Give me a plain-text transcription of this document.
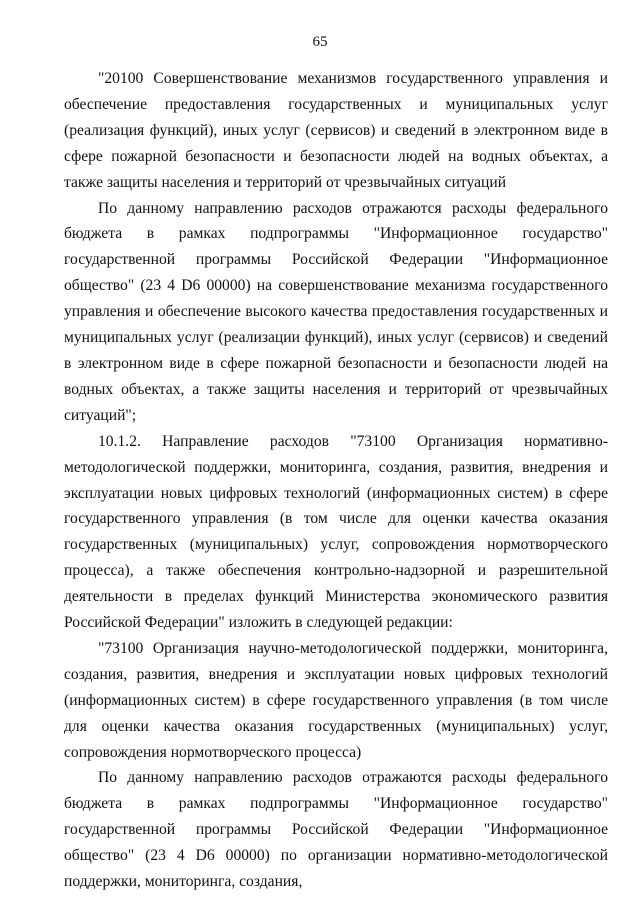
65

"20100 Совершенствование механизмов государственного управления и обеспечение предоставления государственных и муниципальных услуг (реализация функций), иных услуг (сервисов) и сведений в электронном виде в сфере пожарной безопасности и безопасности людей на водных объектах, а также защиты населения и территорий от чрезвычайных ситуаций

По данному направлению расходов отражаются расходы федерального бюджета в рамках подпрограммы "Информационное государство" государственной программы Российской Федерации "Информационное общество" (23 4 D6 00000) на совершенствование механизма государственного управления и обеспечение высокого качества предоставления государственных и муниципальных услуг (реализации функций), иных услуг (сервисов) и сведений в электронном виде в сфере пожарной безопасности и безопасности людей на водных объектах, а также защиты населения и территорий от чрезвычайных ситуаций";

10.1.2. Направление расходов "73100 Организация нормативно-методологической поддержки, мониторинга, создания, развития, внедрения и эксплуатации новых цифровых технологий (информационных систем) в сфере государственного управления (в том числе для оценки качества оказания государственных (муниципальных) услуг, сопровождения нормотворческого процесса), а также обеспечения контрольно-надзорной и разрешительной деятельности в пределах функций Министерства экономического развития Российской Федерации" изложить в следующей редакции:

"73100 Организация научно-методологической поддержки, мониторинга, создания, развития, внедрения и эксплуатации новых цифровых технологий (информационных систем) в сфере государственного управления (в том числе для оценки качества оказания государственных (муниципальных) услуг, сопровождения нормотворческого процесса)

По данному направлению расходов отражаются расходы федерального бюджета в рамках подпрограммы "Информационное государство" государственной программы Российской Федерации "Информационное общество" (23 4 D6 00000) по организации нормативно-методологической поддержки, мониторинга, создания,
